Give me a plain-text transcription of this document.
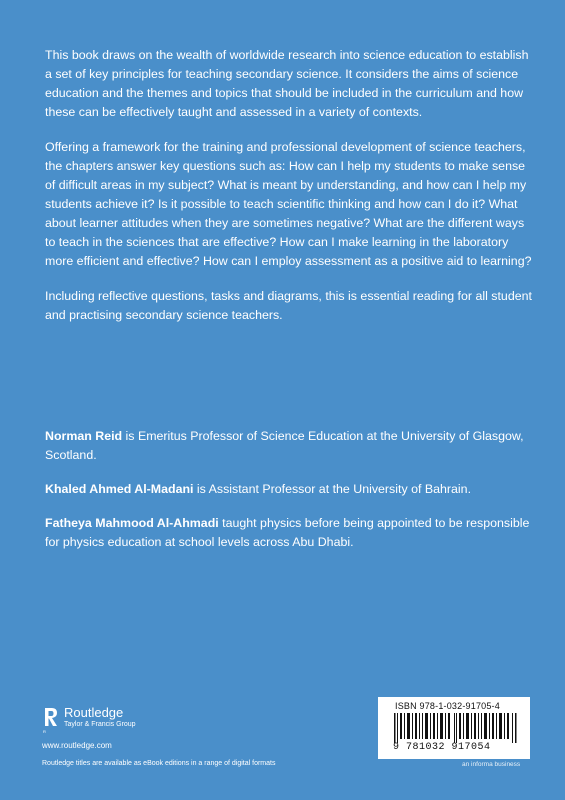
This book draws on the wealth of worldwide research into science education to establish a set of key principles for teaching secondary science. It considers the aims of science education and the themes and topics that should be included in the curriculum and how these can be effectively taught and assessed in a variety of contexts.

Offering a framework for the training and professional development of science teachers, the chapters answer key questions such as: How can I help my students to make sense of difficult areas in my subject? What is meant by understanding, and how can I help my students achieve it? Is it possible to teach scientific thinking and how can I do it? What about learner attitudes when they are sometimes negative? What are the different ways to teach in the sciences that are effective? How can I make learning in the laboratory more efficient and effective? How can I employ assessment as a positive aid to learning?

Including reflective questions, tasks and diagrams, this is essential reading for all student and practising secondary science teachers.

Norman Reid is Emeritus Professor of Science Education at the University of Glasgow, Scotland.

Khaled Ahmed Al-Madani is Assistant Professor at the University of Bahrain.

Fatheya Mahmood Al-Ahmadi taught physics before being appointed to be responsible for physics education at school levels across Abu Dhabi.

R
Routledge
Taylor & Francis Group
www.routledge.com
Routledge titles are available as eBook editions in a range of digital formats
ISBN 978-1-032-91705-4
9 781032 917054
an informa business
